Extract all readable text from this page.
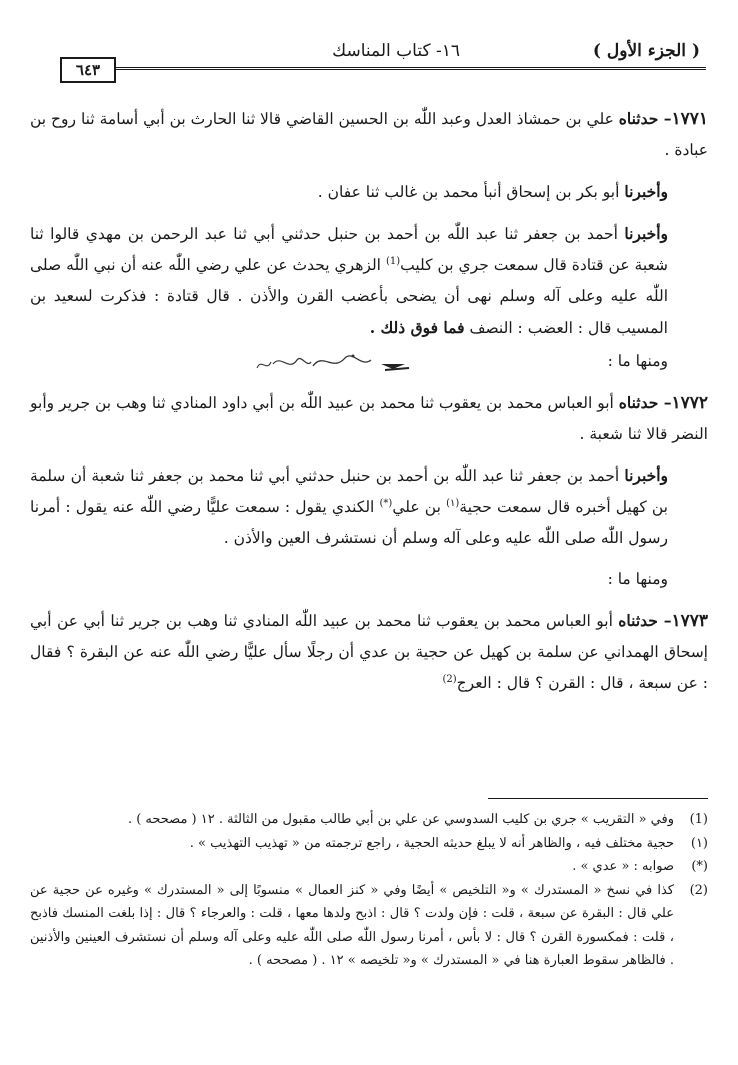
( الجزء الأول )
١٦- كتاب المناسك
٦٤٣

١٧٧١– حدثناه علي بن حمشاذ العدل وعبد اللّٰه بن الحسين القاضي قالا ثنا الحارث بن أبي أسامة ثنا روح بن عبادة .

وأخبرنا أبو بكر بن إسحاق أنبأ محمد بن غالب ثنا عفان .

وأخبرنا أحمد بن جعفر ثنا عبد اللّٰه بن أحمد بن حنبل حدثني أبي ثنا عبد الرحمن بن مهدي قالوا ثنا شعبة عن قتادة قال سمعت جري بن كليب$^{(1)}$ الزهري يحدث عن علي رضي اللّٰه عنه أن نبي اللّٰه صلى اللّٰه عليه وعلى آله وسلم نهى أن يضحى بأعضب القرن والأذن . قال قتادة : فذكرت لسعيد بن المسيب قال : العضب : النصف فما فوق ذلك .

ومنها ما :

١٧٧٢– حدثناه أبو العباس محمد بن يعقوب ثنا محمد بن عبيد اللّٰه بن أبي داود المنادي ثنا وهب بن جرير وأبو النضر قالا ثنا شعبة .

وأخبرنا أحمد بن جعفر ثنا عبد اللّٰه بن أحمد بن حنبل حدثني أبي ثنا محمد بن جعفر ثنا شعبة أن سلمة بن كهيل أخبره قال سمعت حجية$^{(١)}$ بن علي(*) الكندي يقول : سمعت عليًّا رضي اللّٰه عنه يقول : أمرنا رسول اللّٰه صلى اللّٰه عليه وعلى آله وسلم أن نستشرف العين والأذن .

ومنها ما :

١٧٧٣– حدثناه أبو العباس محمد بن يعقوب ثنا محمد بن عبيد اللّٰه المنادي ثنا وهب بن جرير ثنا أبي عن أبي إسحاق الهمداني عن سلمة بن كهيل عن حجية بن عدي أن رجلًا سأل عليًّا رضي اللّٰه عنه عن البقرة ؟ فقال : عن سبعة ، قال : القرن ؟ قال : العرج$^{(2)}$

(1)
وفي « التقريب » جري بن كليب السدوسي عن علي بن أبي طالب مقبول من الثالثة . ١٢ ( مصححه ) .
(١)
حجية مختلف فيه ، والظاهر أنه لا يبلغ حديثه الحجية ، راجع ترجمته من « تهذيب التهذيب » .
(*)
صوابه : « عدي » .
(2)
كذا في نسخ « المستدرك » و« التلخيص » أيضًا وفي « كنز العمال » منسوبًا إلى « المستدرك » وغيره عن حجية عن علي قال : البقرة عن سبعة ، قلت : فإن ولدت ؟ قال : اذبح ولدها معها ، قلت : والعرجاء ؟ قال : إذا بلغت المنسك فاذبح ، قلت : فمكسورة القرن ؟ قال : لا بأس ، أمرنا رسول اللّٰه صلى اللّٰه عليه وعلى آله وسلم أن نستشرف العينين والأذنين . فالظاهر سقوط العبارة هنا في « المستدرك » و« تلخيصه » ١٢ . ( مصححه ) .
